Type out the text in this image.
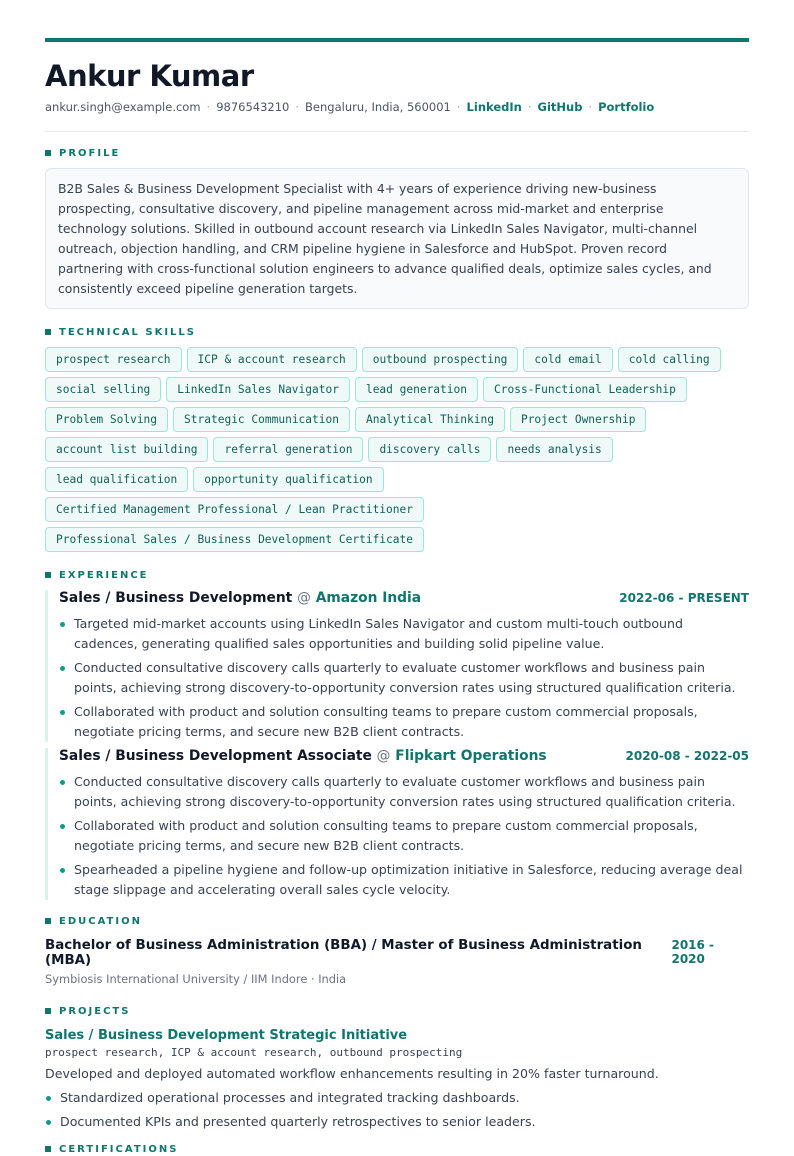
Ankur Kumar
ankur.singh@example.com · 9876543210 · Bengaluru, India, 560001 · LinkedIn · GitHub · Portfolio
PROFILE
B2B Sales & Business Development Specialist with 4+ years of experience driving new-business prospecting, consultative discovery, and pipeline management across mid-market and enterprise technology solutions. Skilled in outbound account research via LinkedIn Sales Navigator, multi-channel outreach, objection handling, and CRM pipeline hygiene in Salesforce and HubSpot. Proven record partnering with cross-functional solution engineers to advance qualified deals, optimize sales cycles, and consistently exceed pipeline generation targets.
TECHNICAL SKILLS
prospect research	ICP & account research	outbound prospecting	cold email	cold calling
social selling	LinkedIn Sales Navigator	lead generation	Cross-Functional Leadership
Problem Solving	Strategic Communication	Analytical Thinking	Project Ownership
account list building	referral generation	discovery calls	needs analysis
lead qualification	opportunity qualification
Certified Management Professional / Lean Practitioner
Professional Sales / Business Development Certificate
EXPERIENCE
Sales / Business Development @ Amazon India	2022-06 - PRESENT
Targeted mid-market accounts using LinkedIn Sales Navigator and custom multi-touch outbound cadences, generating qualified sales opportunities and building solid pipeline value.
Conducted consultative discovery calls quarterly to evaluate customer workflows and business pain points, achieving strong discovery-to-opportunity conversion rates using structured qualification criteria.
Collaborated with product and solution consulting teams to prepare custom commercial proposals, negotiate pricing terms, and secure new B2B client contracts.
Sales / Business Development Associate @ Flipkart Operations	2020-08 - 2022-05
Conducted consultative discovery calls quarterly to evaluate customer workflows and business pain points, achieving strong discovery-to-opportunity conversion rates using structured qualification criteria.
Collaborated with product and solution consulting teams to prepare custom commercial proposals, negotiate pricing terms, and secure new B2B client contracts.
Spearheaded a pipeline hygiene and follow-up optimization initiative in Salesforce, reducing average deal stage slippage and accelerating overall sales cycle velocity.
EDUCATION
Bachelor of Business Administration (BBA) / Master of Business Administration (MBA)
2016 - 2020
Symbiosis International University / IIM Indore · India
PROJECTS
Sales / Business Development Strategic Initiative
prospect research, ICP & account research, outbound prospecting
Developed and deployed automated workflow enhancements resulting in 20% faster turnaround.
Standardized operational processes and integrated tracking dashboards.
Documented KPIs and presented quarterly retrospectives to senior leaders.
CERTIFICATIONS
